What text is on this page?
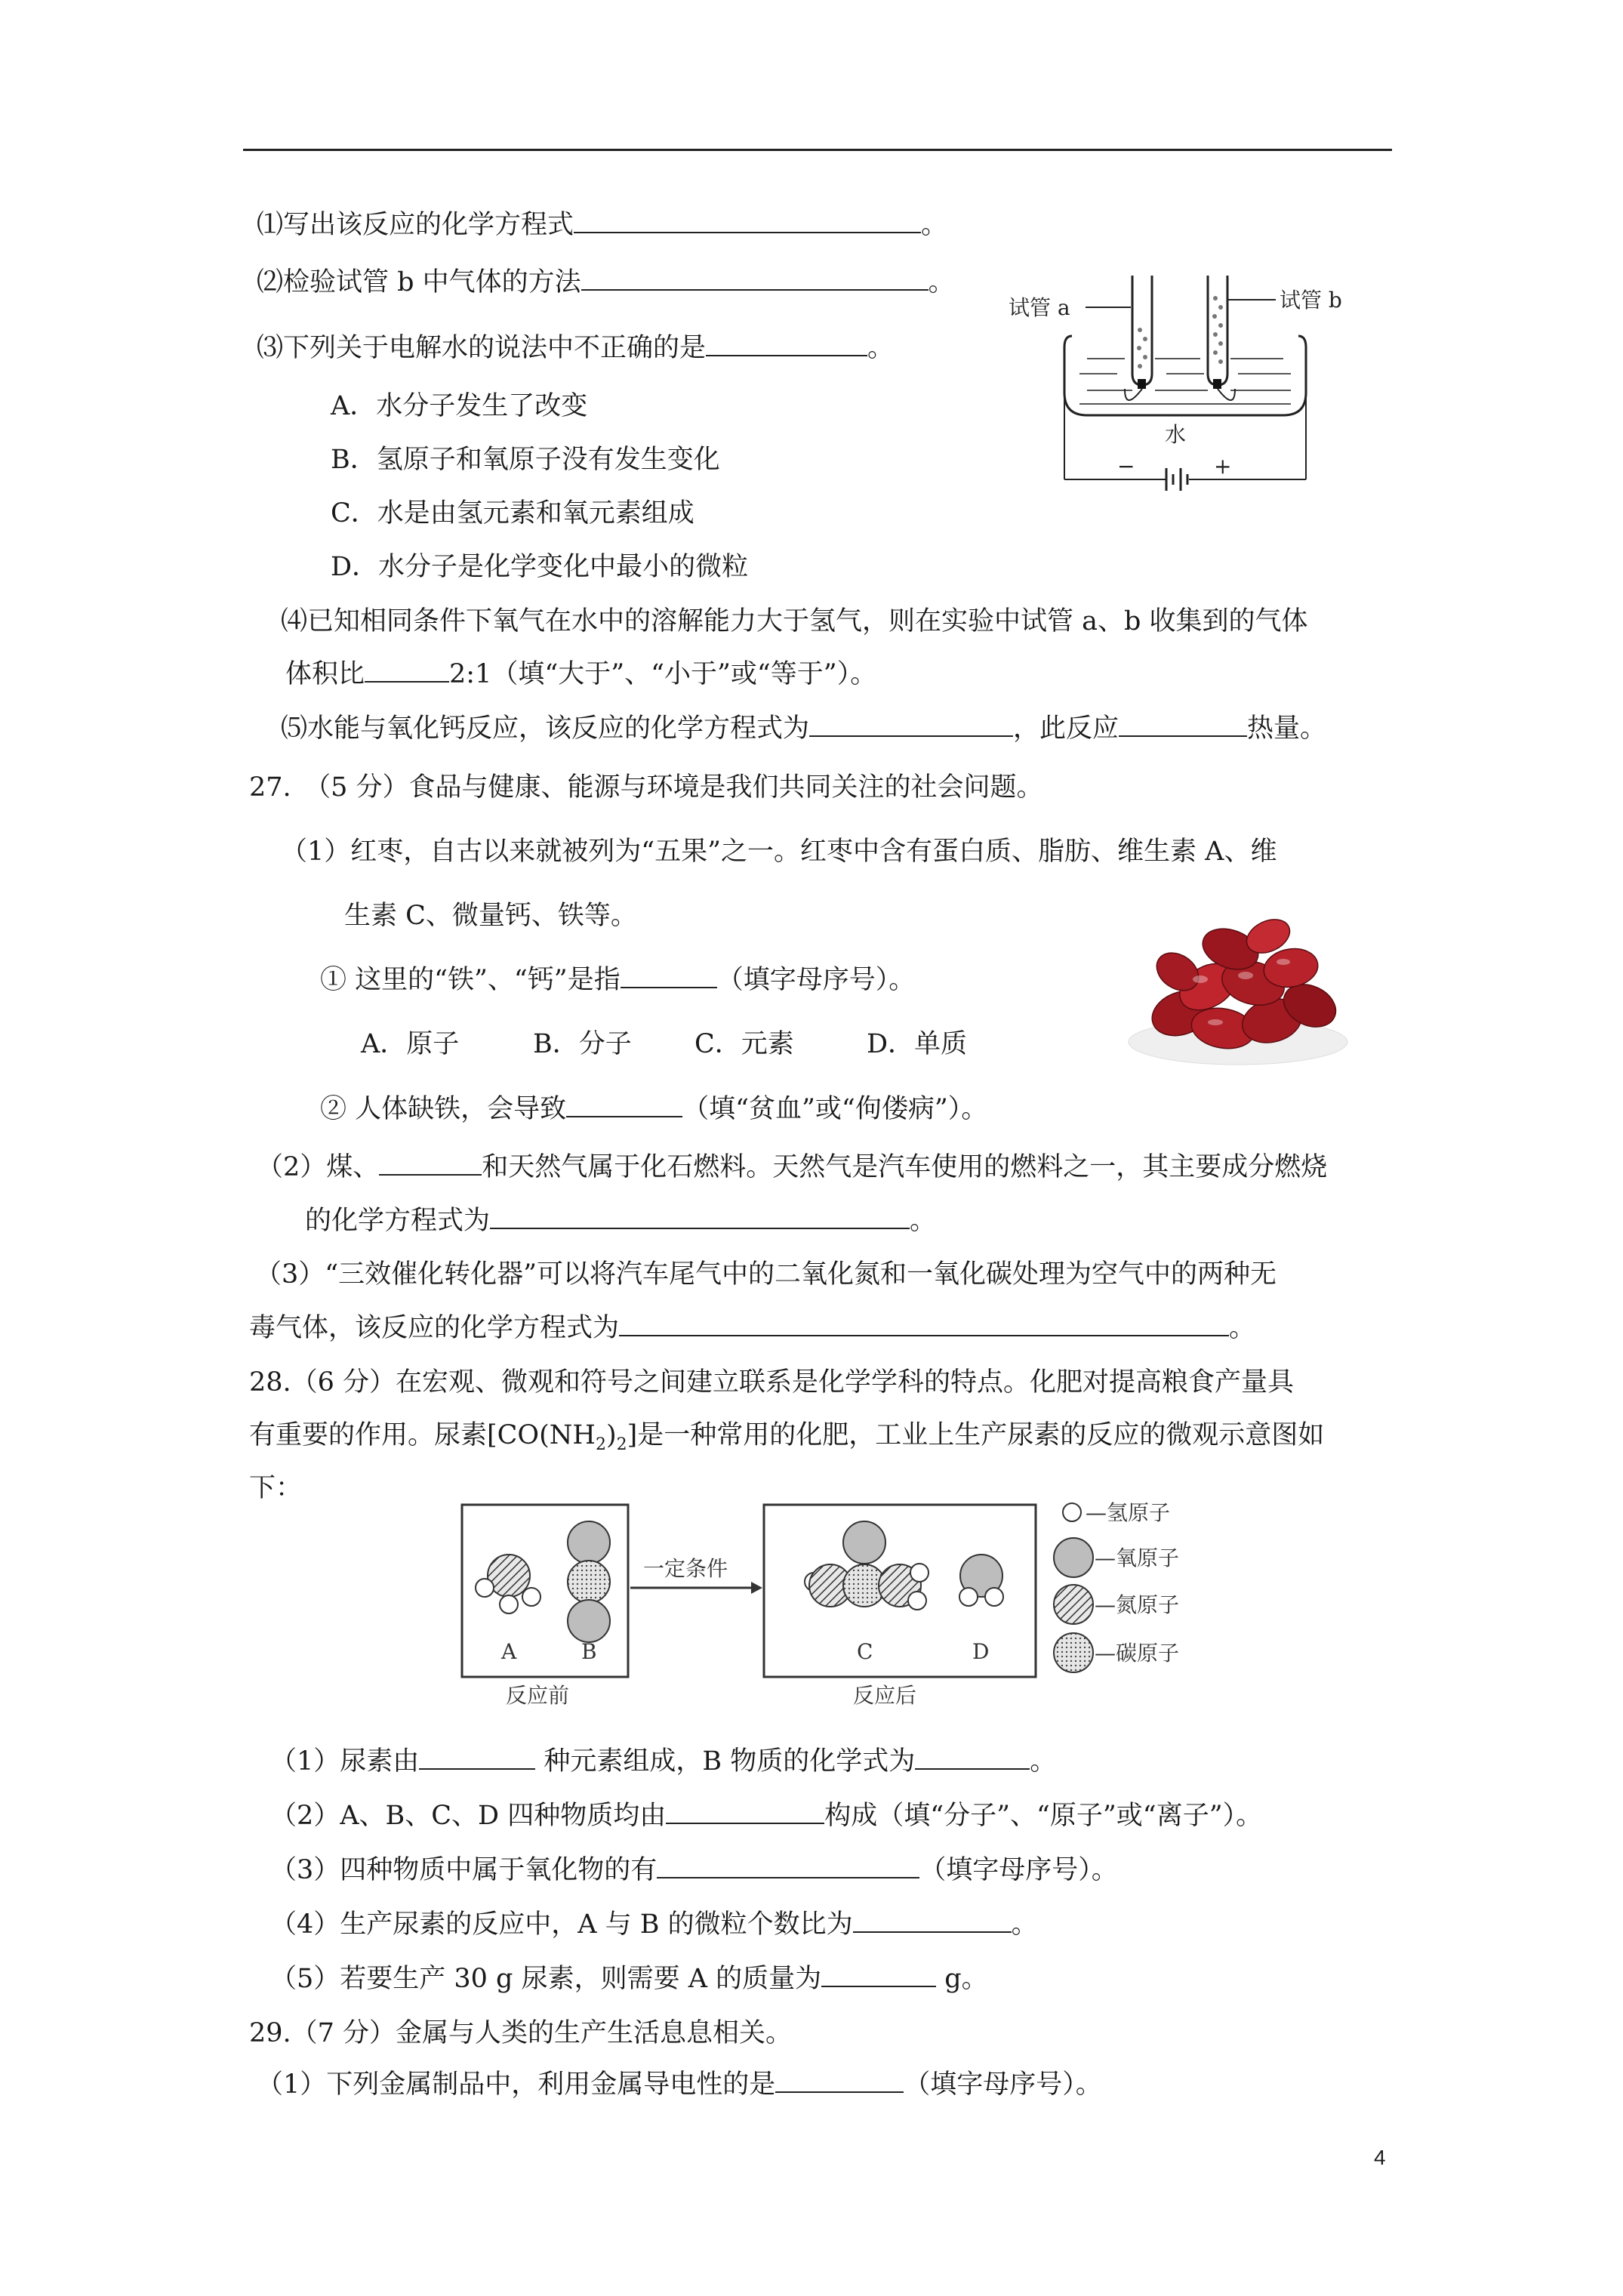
⑴写出该反应的化学方程式	。
⑵检验试管 b 中气体的方法	。
⑶下列关于电解水的说法中不正确的是	。
A．水分子发生了改变
B．氢原子和氧原子没有发生变化
C．水是由氢元素和氧元素组成
D．水分子是化学变化中最小的微粒
⑷已知相同条件下氧气在水中的溶解能力大于氢气，则在实验中试管 a、b 收集到的气体
体积比	2:1（填“大于”、“小于”或“等于”）。
⑸水能与氧化钙反应，该反应的化学方程式为	，此反应	热量。
试管 a	试管 b
水
−	+
27.　（5 分）食品与健康、能源与环境是我们共同关注的社会问题。
（1）红枣，自古以来就被列为“五果”之一。红枣中含有蛋白质、脂肪、维生素 A、维
生素 C、微量钙、铁等。
① 这里的“铁”、“钙”是指	（填字母序号）。
A．原子	B．分子 C．元素	D．单质
② 人体缺铁，会导致	（填“贫血”或“佝偻病”）。
（2）煤、	和天然气属于化石燃料。天然气是汽车使用的燃料之一，其主要成分燃烧
的化学方程式为	。
（3）“三效催化转化器”可以将汽车尾气中的二氧化氮和一氧化碳处理为空气中的两种无
毒气体，该反应的化学方程式为	。
28.（6 分）在宏观、微观和符号之间建立联系是化学学科的特点。化肥对提高粮食产量具
有重要的作用。尿素$[CO(NH_2)_2]$是一种常用的化肥，工业上生产尿素的反应的微观示意图如
下：
A	B
反应前
一定条件
C	D
反应后
—氢原子
—氧原子
—氮原子
—碳原子
（1）尿素由	种元素组成，B 物质的化学式为	。
（2）A、B、C、D 四种物质均由	构成（填“分子”、“原子”或“离子”）。
（3）四种物质中属于氧化物的有	（填字母序号）。
（4）生产尿素的反应中，A 与 B 的微粒个数比为	。
（5）若要生产 30 g 尿素，则需要 A 的质量为	g。
29.（7 分）金属与人类的生产生活息息相关。
（1）下列金属制品中，利用金属导电性的是	（填字母序号）。
4
